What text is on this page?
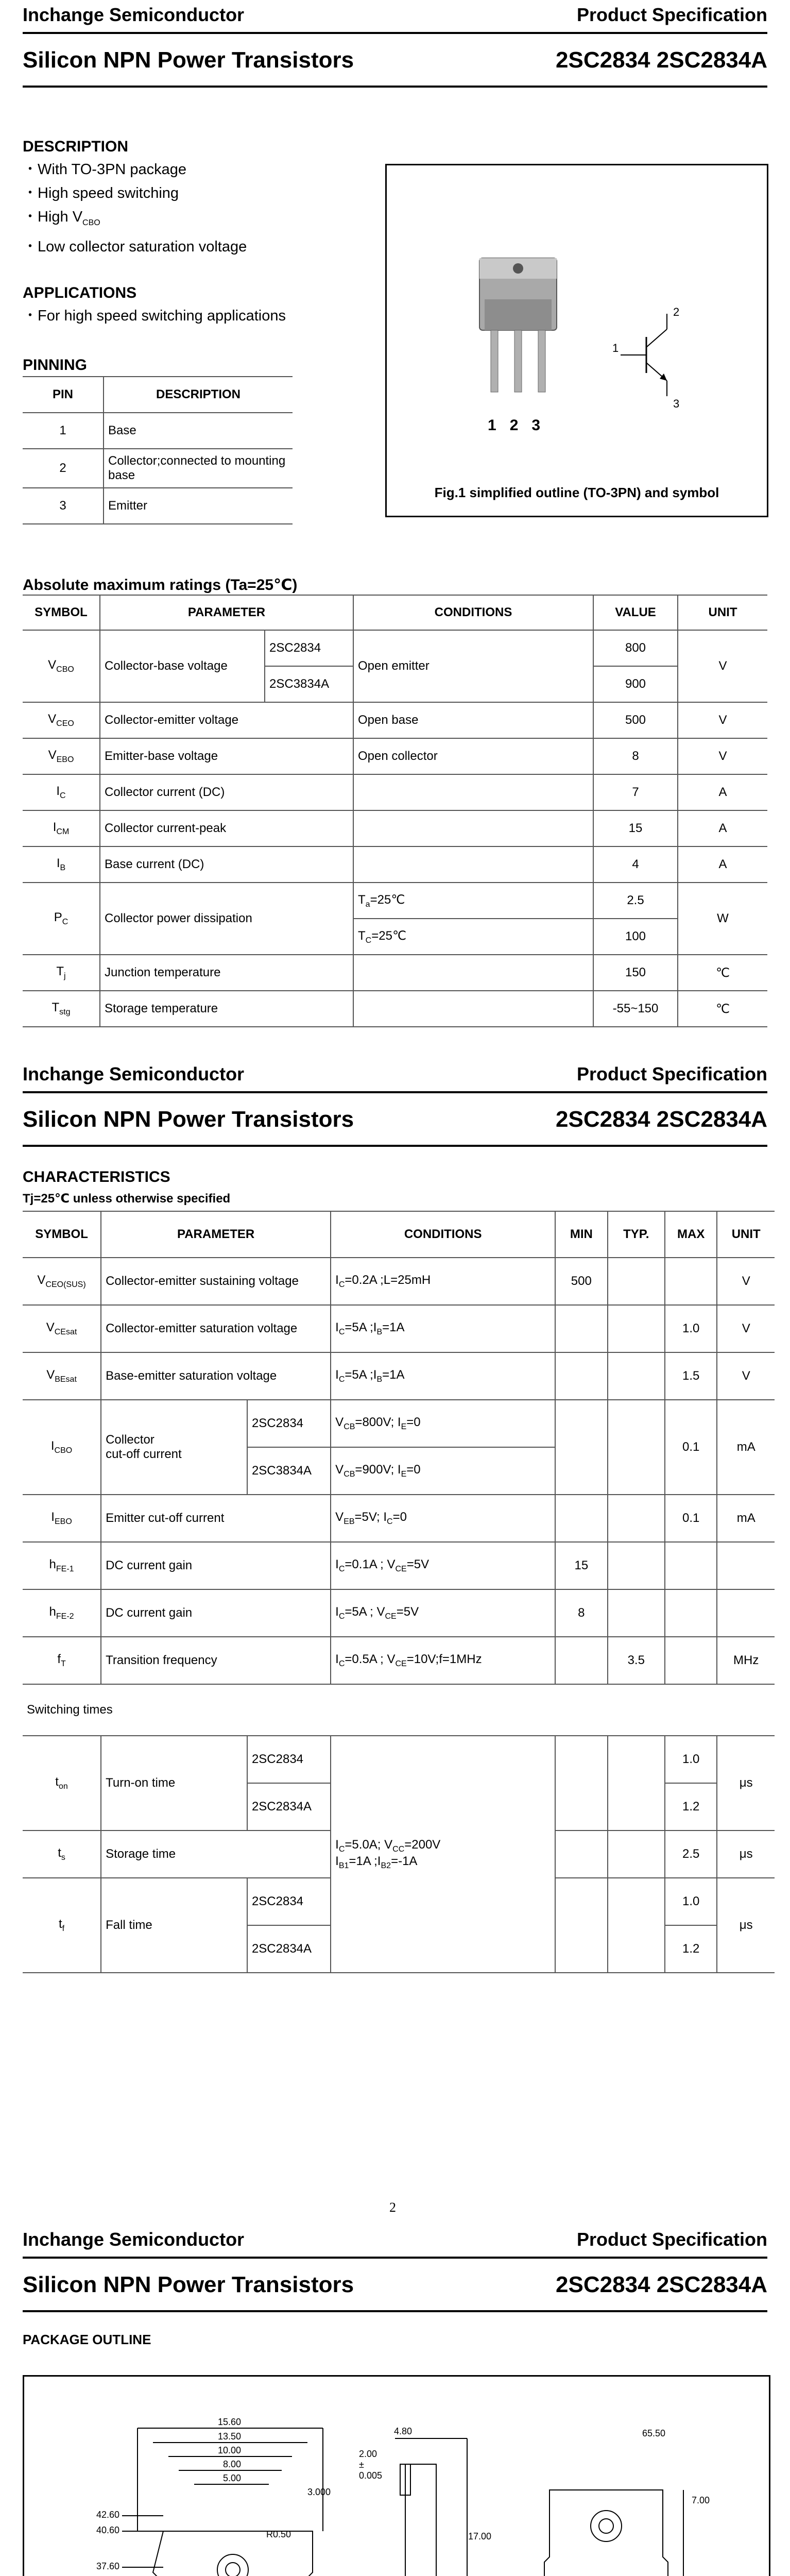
Inchange Semiconductor	Product Specification
Silicon NPN Power Transistors	2SC2834 2SC2834A
DESCRIPTION
・With TO-3PN package
・High speed switching
・High $V_{CBO}$
・Low collector saturation voltage
APPLICATIONS
・For high speed switching applications
PINNING
PIN	DESCRIPTION
1	Base
2	Collector;connected to mounting base
3	Emitter
1 2 3
1
2
3
Fig.1 simplified outline (TO-3PN) and symbol
Absolute maximum ratings (Ta=25℃)
SYMBOL	PARAMETER		CONDITIONS	VALUE	UNIT
$V_{CBO}$	Collector-base voltage	2SC2834	Open emitter	800	V
		2SC3834A		900	
$V_{CEO}$	Collector-emitter voltage		Open base	500	V
$V_{EBO}$	Emitter-base voltage		Open collector	8	V
$I_C$	Collector current (DC)			7	A
$I_{CM}$	Collector current-peak			15	A
$I_B$	Base current (DC)			4	A
$P_C$	Collector power dissipation		$T_a=25℃$	2.5	W
			$T_C=25℃$	100	
$T_j$	Junction temperature			150	℃
$T_{stg}$	Storage temperature			-55~150	℃
Inchange Semiconductor	Product Specification
Silicon NPN Power Transistors	2SC2834 2SC2834A
CHARACTERISTICS
Tj=25℃ unless otherwise specified
SYMBOL	PARAMETER		CONDITIONS	MIN	TYP.	MAX	UNIT
$V_{CEO(SUS)}$	Collector-emitter sustaining voltage		$I_C=0.2A$ ;L=25mH	500			V
$V_{CEsat}$	Collector-emitter saturation voltage		$I_C=5A$ $;I_B=1A$			1.0	V
$V_{BEsat}$	Base-emitter saturation voltage		$I_C=5A$ $;I_B=1A$			1.5	V
$I_{CBO}$	Collector
cut-off current	2SC2834	$V_{CB}=800V$; $I_E=0$			0.1	mA
		2SC3834A	$V_{CB}=900V$; $I_E=0$				
$I_{EBO}$	Emitter cut-off current		$V_{EB}=5V$; $I_C=0$			0.1	mA
$h_{FE-1}$	DC current gain		$I_C=0.1A$ ; $V_{CE}=5V$	15			
$h_{FE-2}$	DC current gain		$I_C=5A$ ; $V_{CE}=5V$	8			
$f_T$	Transition frequency		$I_C=0.5A$ ; $V_{CE}=10V;f=1MHz$		3.5		MHz
Switching times							
$t_{on}$	Turn-on time	2SC2834	$I_C=5.0A$; $V_{CC}=200V$
$I_{B1}=1A$ $;I_{B2}=-1A$			1.0	μs
		2SC2834A				1.2	
$t_s$	Storage time					2.5	μs
$t_f$	Fall time	2SC2834				1.0	μs
		2SC2834A				1.2	
2
Inchange Semiconductor	Product Specification
Silicon NPN Power Transistors	2SC2834 2SC2834A
PACKAGE OUTLINE
15.60
13.50
10.00
8.00
5.00
42.60
40.60
37.60
3.000
4.80
2.00 ± 0.005
17.00
7.00
65.50
R0.50
